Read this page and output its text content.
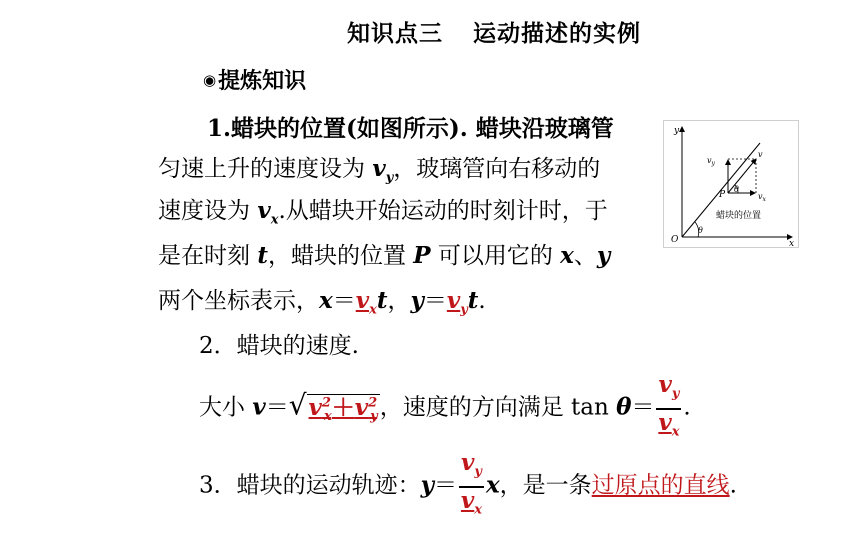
知识点三 运动描述的实例
◉提炼知识
1.蜡块的位置(如图所示). 蜡块沿玻璃管
匀速上升的速度设为 $v_y$，玻璃管向右移动的
速度设为 $v_x$.从蜡块开始运动的时刻计时，于
是在时刻 t，蜡块的位置 P 可以用它的 x、y
两个坐标表示，$x=v_xt$，$y=v_yt$.
2．蜡块的速度.
大小 $v=√v^2_x+v^2_y$，速度的方向满足 $\tan \theta= \frac{v_y}{v_x}$ .
3．蜡块的运动轨迹：$y= \frac{v_y}{v_x}$ x，是一条过原点的直线.
y
x
O
θ
θ
P
v
$v_y$
$v_x$
蜡块的位置
